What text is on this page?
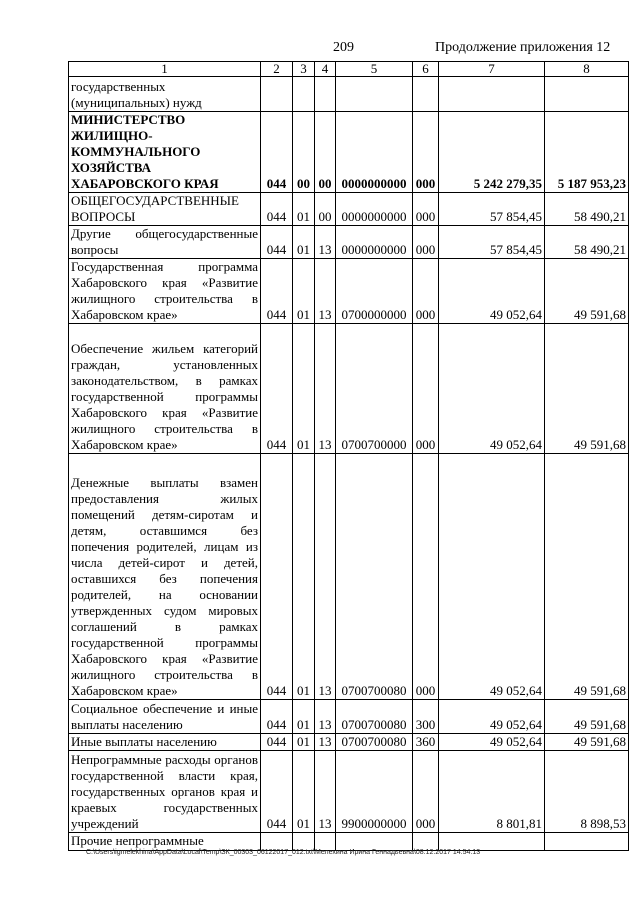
209	Продолжение приложения 12
1	2	3	4	5	6	7	8
государственных (муниципальных) нужд							
МИНИСТЕРСТВО ЖИЛИЩНО-КОММУНАЛЬНОГО ХОЗЯЙСТВА ХАБАРОВСКОГО КРАЯ	044	00	00	0000000000	000	5 242 279,35	5 187 953,23
ОБЩЕГОСУДАРСТВЕННЫЕ ВОПРОСЫ	044	01	00	0000000000	000	57 854,45	58 490,21
Другие общегосударственные вопросы	044	01	13	0000000000	000	57 854,45	58 490,21
Государственная программа Хабаровского края «Развитие жилищного строительства в Хабаровском крае»	044	01	13	0700000000	000	49 052,64	49 591,68
Обеспечение жильем категорий граждан, установленных законодательством, в рамках государственной программы Хабаровского края «Развитие жилищного строительства в Хабаровском крае»	044	01	13	0700700000	000	49 052,64	49 591,68
Денежные выплаты взамен предоставления жилых помещений детям-сиротам и детям, оставшимся без попечения родителей, лицам из числа детей-сирот и детей, оставшихся без попечения родителей, на основании утвержденных судом мировых соглашений в рамках государственной программы Хабаровского края «Развитие жилищного строительства в Хабаровском крае»	044	01	13	0700700080	000	49 052,64	49 591,68
Социальное обеспечение и иные выплаты населению	044	01	13	0700700080	300	49 052,64	49 591,68
Иные выплаты населению	044	01	13	0700700080	360	49 052,64	49 591,68
Непрограммные расходы органов государственной власти края, государственных органов края и краевых государственных учреждений	044	01	13	9900000000	000	8 801,81	8 898,53
Прочие непрограммные							
C:\Users\igmelekhina\AppData\Local\Temp\ЗК_00303_06122017_012.txt\Мелехина Ирина Геннадьевна\08.12.2017 14:54:13
